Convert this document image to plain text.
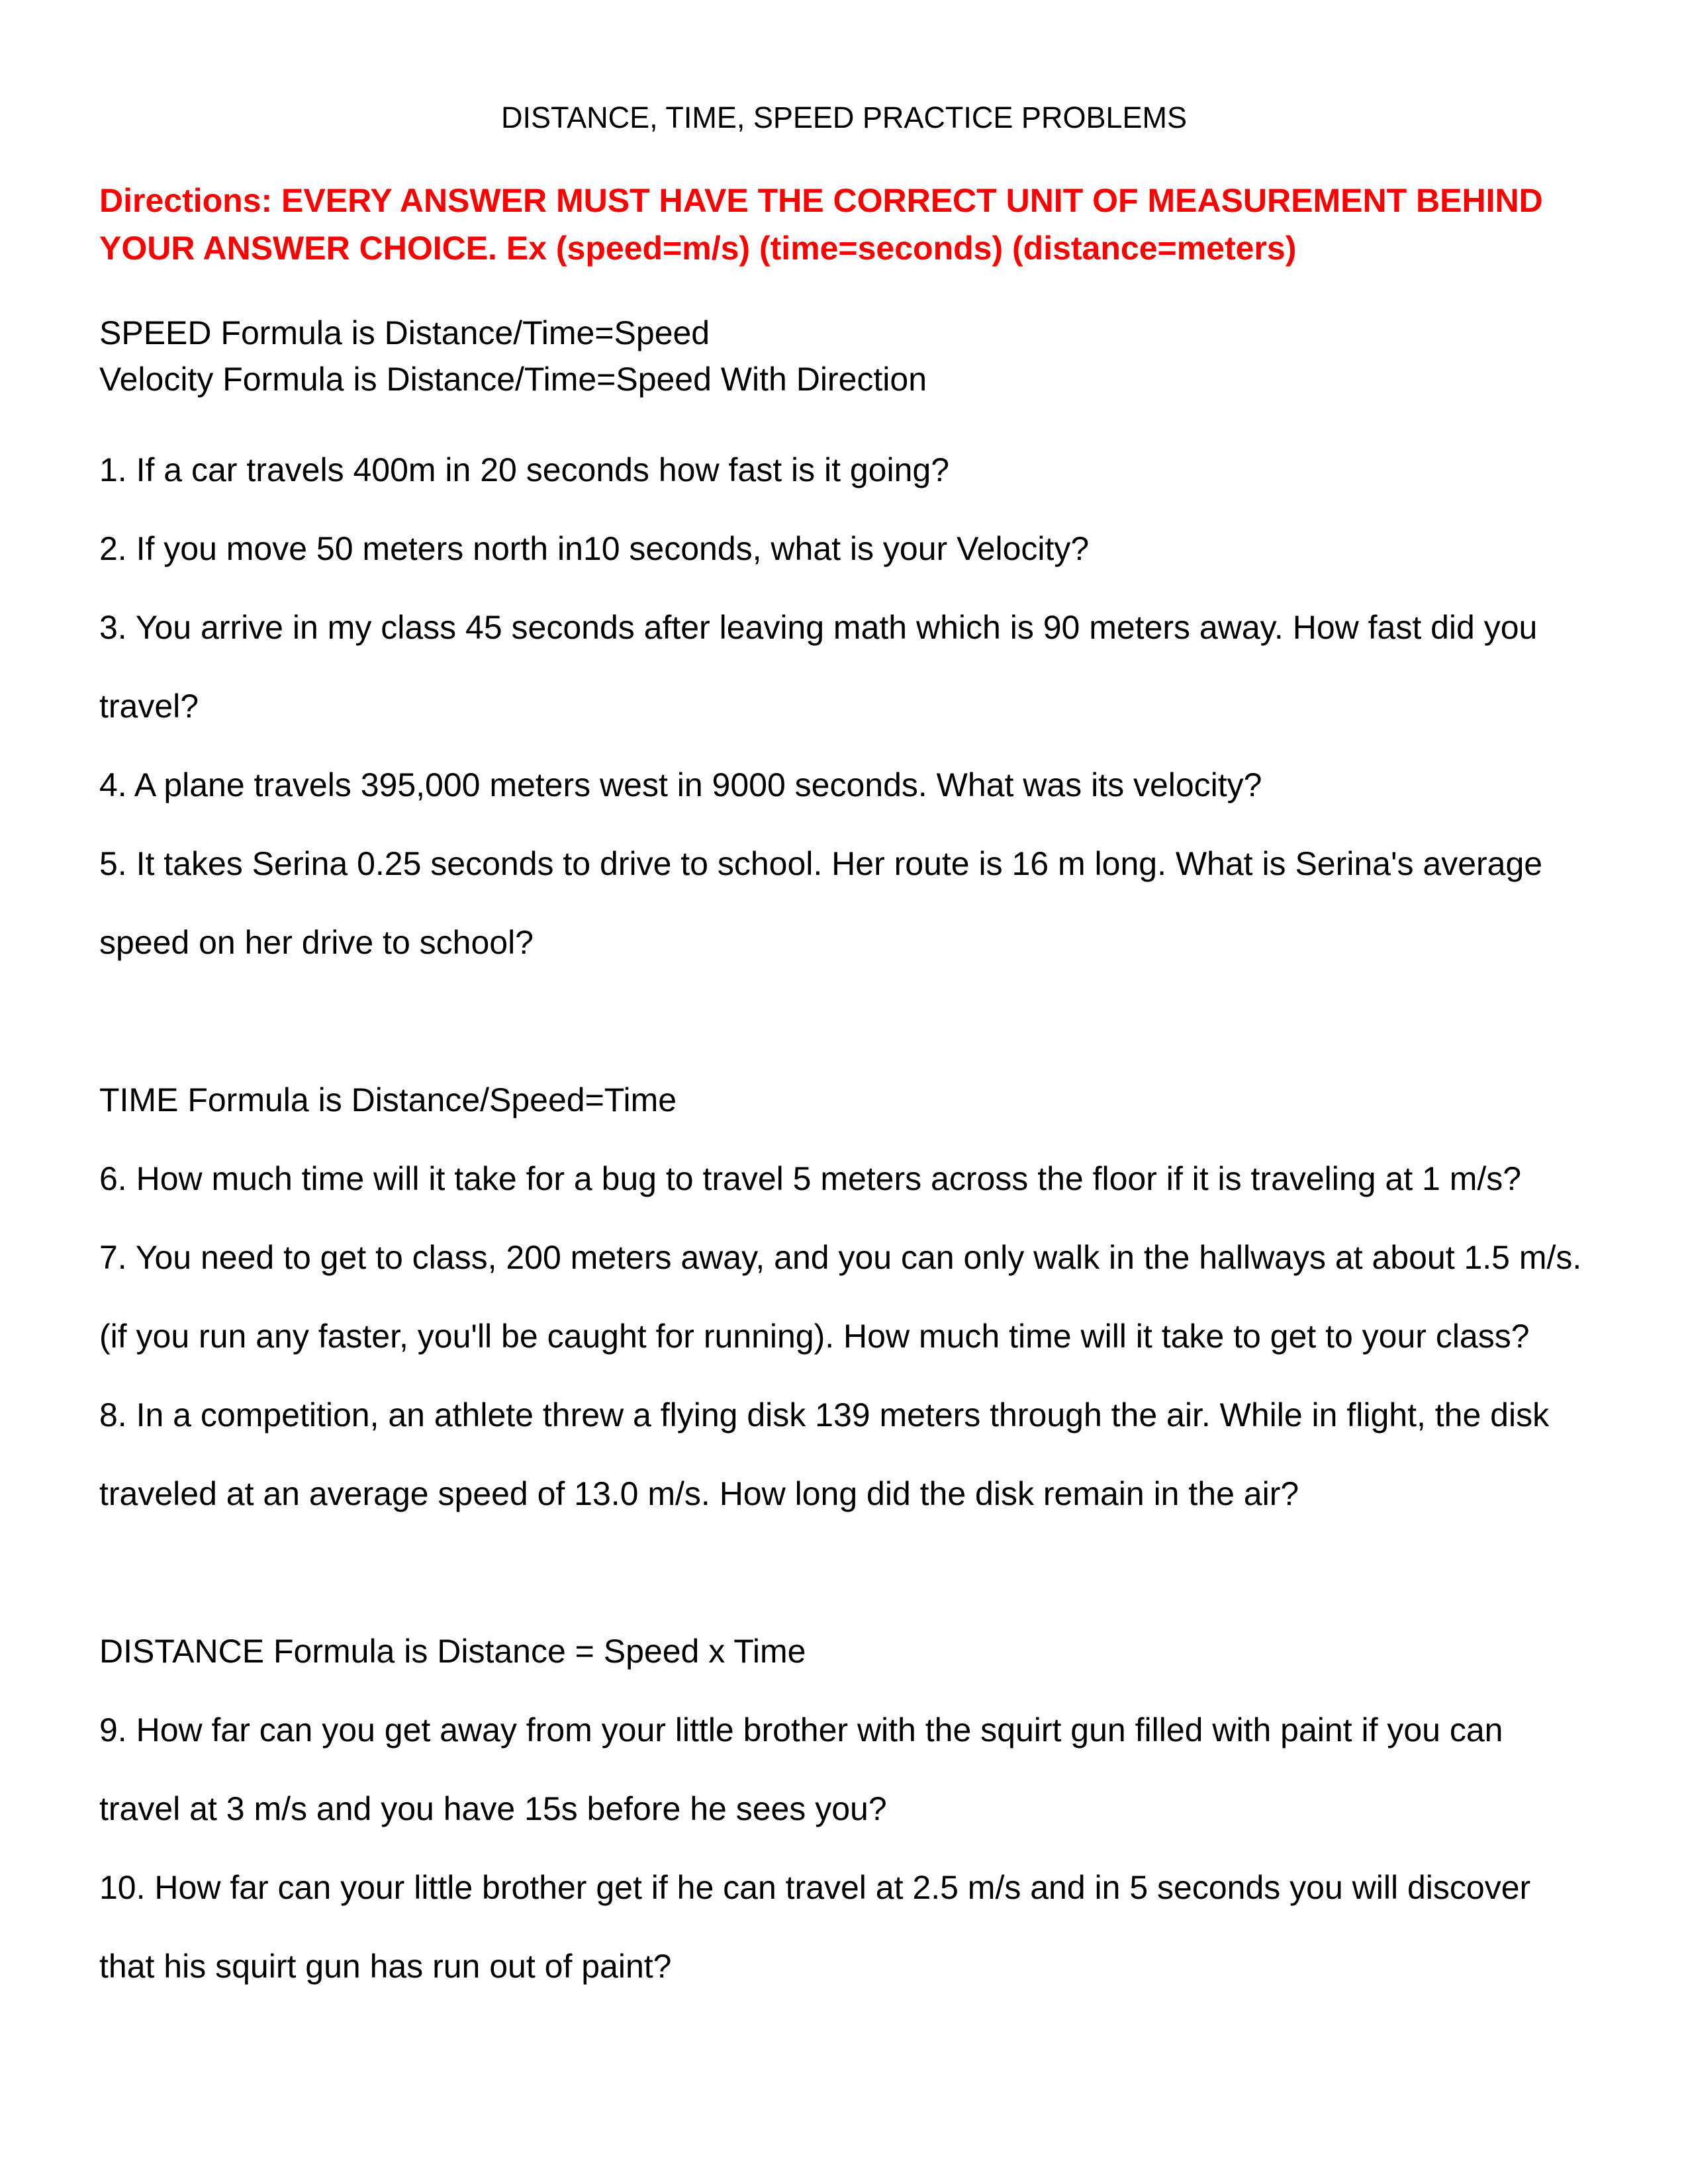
DISTANCE, TIME, SPEED PRACTICE PROBLEMS
Directions: EVERY ANSWER MUST HAVE THE CORRECT UNIT OF MEASUREMENT BEHIND
YOUR ANSWER CHOICE. Ex (speed=m/s) (time=seconds) (distance=meters)
SPEED Formula is Distance/Time=Speed
Velocity Formula is Distance/Time=Speed With Direction
1. If a car travels 400m in 20 seconds how fast is it going?
2. If you move 50 meters north in10 seconds, what is your Velocity?
3. You arrive in my class 45 seconds after leaving math which is 90 meters away. How fast did you
travel?
4. A plane travels 395,000 meters west in 9000 seconds. What was its velocity?
5. It takes Serina 0.25 seconds to drive to school. Her route is 16 m long. What is Serina's average
speed on her drive to school?
TIME Formula is Distance/Speed=Time
6. How much time will it take for a bug to travel 5 meters across the floor if it is traveling at 1 m/s?
7. You need to get to class, 200 meters away, and you can only walk in the hallways at about 1.5 m/s.
(if you run any faster, you'll be caught for running). How much time will it take to get to your class?
8. In a competition, an athlete threw a flying disk 139 meters through the air. While in flight, the disk
traveled at an average speed of 13.0 m/s. How long did the disk remain in the air?
DISTANCE Formula is Distance = Speed x Time
9. How far can you get away from your little brother with the squirt gun filled with paint if you can
travel at 3 m/s and you have 15s before he sees you?
10. How far can your little brother get if he can travel at 2.5 m/s and in 5 seconds you will discover
that his squirt gun has run out of paint?
